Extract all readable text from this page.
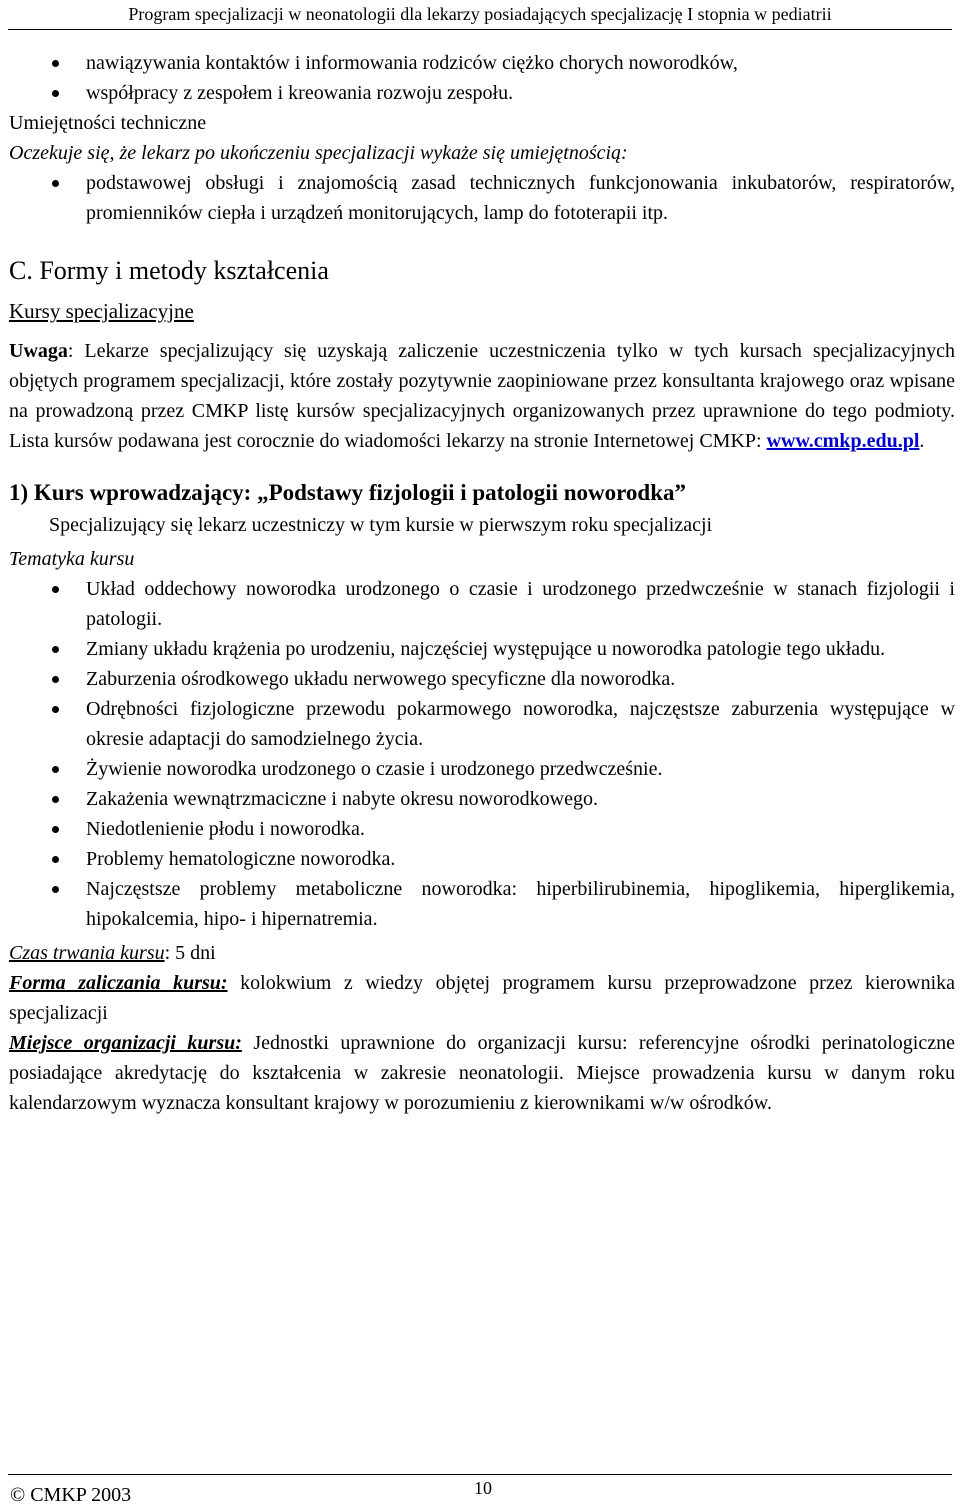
Program specjalizacji w neonatologii dla lekarzy posiadających specjalizację I stopnia w pediatrii
nawiązywania kontaktów i informowania rodziców ciężko chorych noworodków,
współpracy z zespołem i kreowania rozwoju zespołu.

Umiejętności techniczne

Oczekuje się, że lekarz po ukończeniu specjalizacji wykaże się umiejętnością:

podstawowej obsługi i znajomością zasad technicznych funkcjonowania inkubatorów, respiratorów, promienników ciepła i urządzeń monitorujących, lamp do fototerapii itp.

C. Formy i metody kształcenia

Kursy specjalizacyjne

Uwaga: Lekarze specjalizujący się uzyskają zaliczenie uczestniczenia tylko w tych kursach specjalizacyjnych objętych programem specjalizacji, które zostały pozytywnie zaopiniowane przez konsultanta krajowego oraz wpisane na prowadzoną przez CMKP listę kursów specjalizacyjnych organizowanych przez uprawnione do tego podmioty. Lista kursów podawana jest corocznie do wiadomości lekarzy na stronie Internetowej CMKP: www.cmkp.edu.pl.

1) Kurs wprowadzający: „Podstawy fizjologii i patologii noworodka”

Specjalizujący się lekarz uczestniczy w tym kursie w pierwszym roku specjalizacji

Tematyka kursu

Układ oddechowy noworodka urodzonego o czasie i urodzonego przedwcześnie w stanach fizjologii i patologii.
Zmiany układu krążenia po urodzeniu, najczęściej występujące u noworodka patologie tego układu.
Zaburzenia ośrodkowego układu nerwowego specyficzne dla noworodka.
Odrębności fizjologiczne przewodu pokarmowego noworodka, najczęstsze zaburzenia występujące w okresie adaptacji do samodzielnego życia.
Żywienie noworodka urodzonego o czasie i urodzonego przedwcześnie.
Zakażenia wewnątrzmaciczne i nabyte okresu noworodkowego.
Niedotlenienie płodu i noworodka.
Problemy hematologiczne noworodka.
Najczęstsze problemy metaboliczne noworodka: hiperbilirubinemia, hipoglikemia, hiperglikemia, hipokalcemia, hipo- i hipernatremia.

Czas trwania kursu: 5 dni

Forma zaliczania kursu: kolokwium z wiedzy objętej programem kursu przeprowadzone przez kierownika specjalizacji

Miejsce organizacji kursu: Jednostki uprawnione do organizacji kursu: referencyjne ośrodki perinatologiczne posiadające akredytację do kształcenia w zakresie neonatologii. Miejsce prowadzenia kursu w danym roku kalendarzowym wyznacza konsultant krajowy w porozumieniu z kierownikami w/w ośrodków.

© CMKP 2003	10
